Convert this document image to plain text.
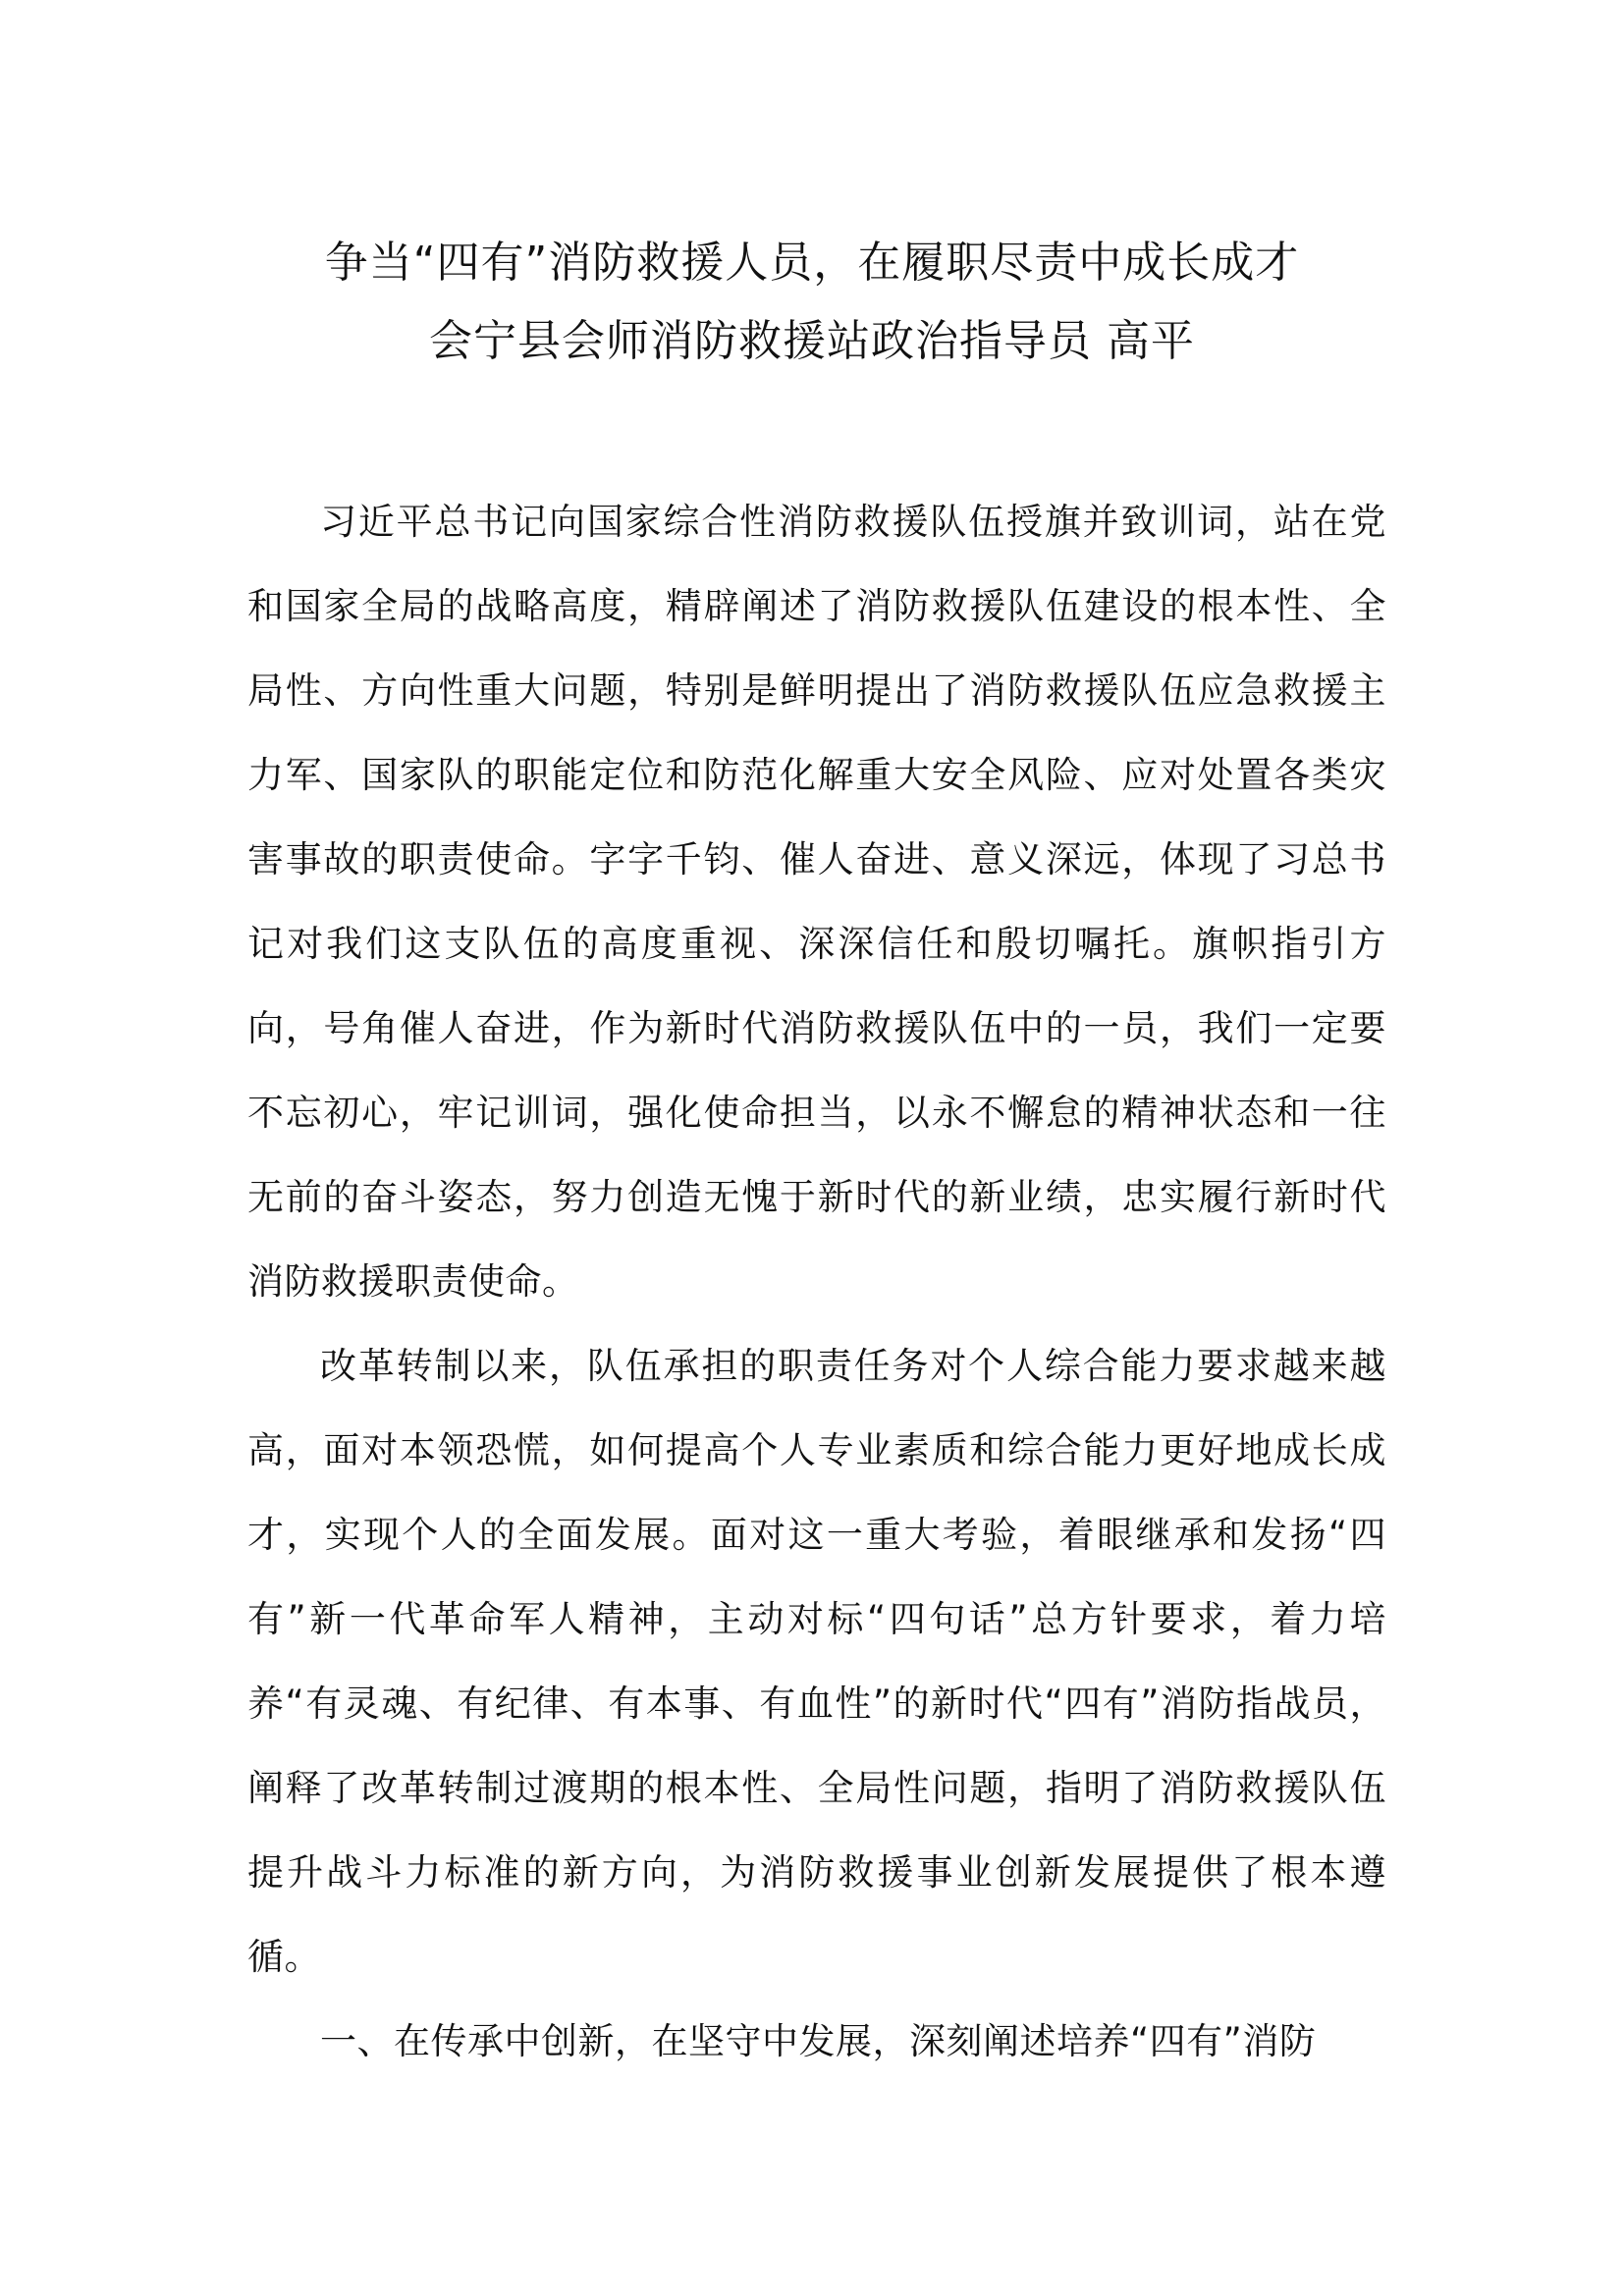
争当“四有”消防救援人员，在履职尽责中成长成才
会宁县会师消防救援站政治指导员 高平

习近平总书记向国家综合性消防救援队伍授旗并致训词，站在党和国家全局的战略高度，精辟阐述了消防救援队伍建设的根本性、全局性、方向性重大问题，特别是鲜明提出了消防救援队伍应急救援主力军、国家队的职能定位和防范化解重大安全风险、应对处置各类灾害事故的职责使命。字字千钧、催人奋进、意义深远，体现了习总书记对我们这支队伍的高度重视、深深信任和殷切嘱托。旗帜指引方向，号角催人奋进，作为新时代消防救援队伍中的一员，我们一定要不忘初心，牢记训词，强化使命担当，以永不懈怠的精神状态和一往无前的奋斗姿态，努力创造无愧于新时代的新业绩，忠实履行新时代消防救援职责使命。

改革转制以来，队伍承担的职责任务对个人综合能力要求越来越高，面对本领恐慌，如何提高个人专业素质和综合能力更好地成长成才，实现个人的全面发展。面对这一重大考验，着眼继承和发扬“四有”新一代革命军人精神，主动对标“四句话”总方针要求，着力培养“有灵魂、有纪律、有本事、有血性”的新时代“四有”消防指战员，阐释了改革转制过渡期的根本性、全局性问题，指明了消防救援队伍提升战斗力标准的新方向，为消防救援事业创新发展提供了根本遵循。

一、在传承中创新，在坚守中发展，深刻阐述培养“四有”消防
